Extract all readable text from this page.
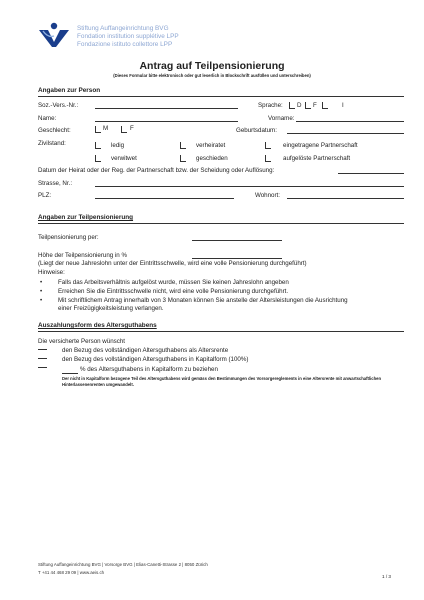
Stiftung Auffangeinrichtung BVG
Fondation institution supplétive LPP
Fondazione istituto collettore LPP
Antrag auf Teilpensionierung
(Dieses Formular bitte elektronisch oder gut leserlich in Blockschrift ausfüllen und unterschreiben)
Angaben zur Person
Soz.-Vers.-Nr.:	Sprache: D F	I
Name:	Vorname:
Geschlecht:	M	F	Geburtsdatum:
Zivilstand:	ledig	verheiratet	eingetragene Partnerschaft
verwitwet	geschieden	aufgelöste Partnerschaft
Datum der Heirat oder der Reg. der Partnerschaft bzw. der Scheidung oder Auflösung:
Strasse, Nr.:
PLZ:	Wohnort:
Angaben zur Teilpensionierung
Teilpensionierung per:
Höhe der Teilpensionierung in %
(Liegt der neue Jahreslohn unter der Eintrittsschwelle, wird eine volle Pensionierung durchgeführt)
Hinweise:
•	Falls das Arbeitsverhältnis aufgelöst wurde, müssen Sie keinen Jahreslohn angeben
•	Erreichen Sie die Eintrittsschwelle nicht, wird eine volle Pensionierung durchgeführt.
•	Mit schriftlichem Antrag innerhalb von 3 Monaten können Sie anstelle der Altersleistungen die Ausrichtung
einer Freizügigkeitsleistung verlangen.
Auszahlungsform des Altersguthabens
Die versicherte Person wünscht
den Bezug des vollständigen Altersguthabens als Altersrente
den Bezug des vollständigen Altersguthabens in Kapitalform (100%)
% des Altersguthabens in Kapitalform zu beziehen
Der nicht in Kapitalform bezogene Teil des Altersguthabens wird gemäss den Bestimmungen des Vorsorgereglements in eine Altersrente mit anwartschaftlichen Hinterlassenenrenten umgewandelt.
Stiftung Auffangeinrichtung BVG | Vorsorge BVG | Elias-Canetti-Strasse 2 | 8050 Zürich
T +41 44 468 29 09 | www.aeis.ch
1 / 3
